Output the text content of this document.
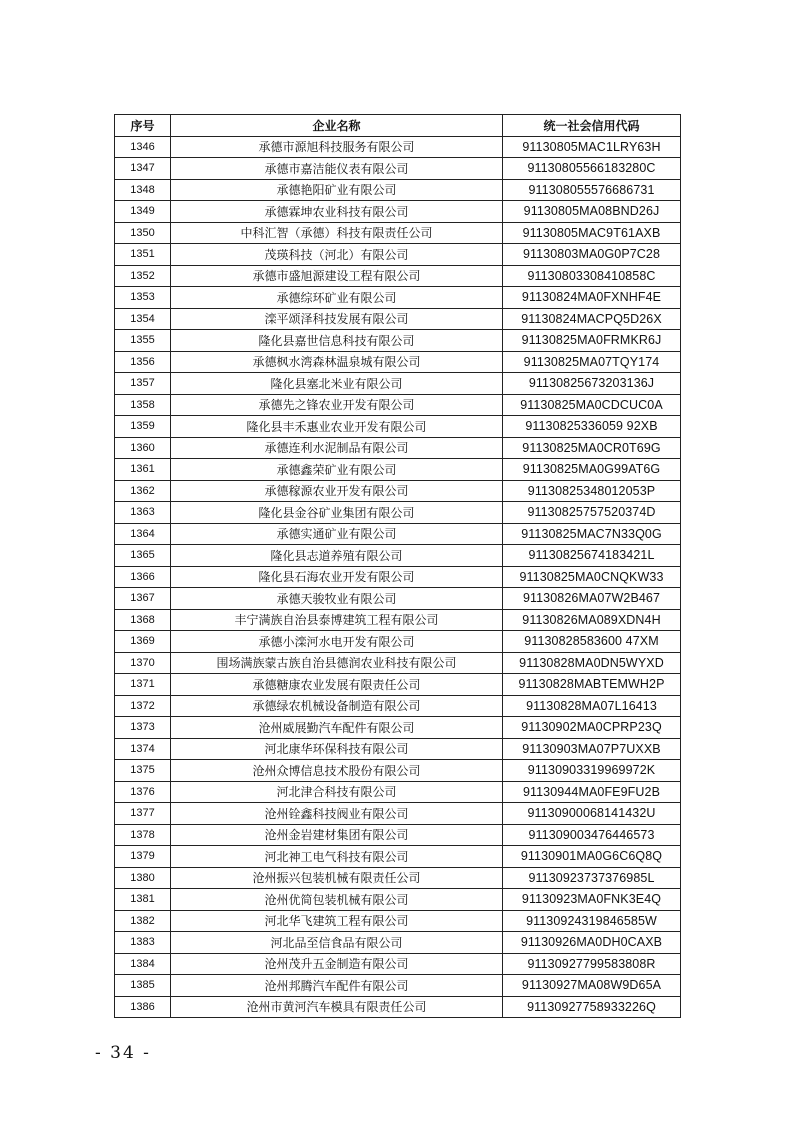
序号	企业名称	统一社会信用代码
1346	承德市源旭科技服务有限公司	91130805MAC1LRY63H
1347	承德市嘉洁能仪表有限公司	91130805566183280C
1348	承德艳阳矿业有限公司	911308055576686731
1349	承德霖坤农业科技有限公司	91130805MA08BND26J
1350	中科汇智（承德）科技有限责任公司	91130805MAC9T61AXB
1351	茂瑛科技（河北）有限公司	91130803MA0G0P7C28
1352	承德市盛旭源建设工程有限公司	91130803308410858C
1353	承德综环矿业有限公司	91130824MA0FXNHF4E
1354	滦平颂泽科技发展有限公司	91130824MACPQ5D26X
1355	隆化县嘉世信息科技有限公司	91130825MA0FRMKR6J
1356	承德枫水湾森林温泉城有限公司	91130825MA07TQY174
1357	隆化县塞北米业有限公司	91130825673203136J
1358	承德先之锋农业开发有限公司	91130825MA0CDCUC0A
1359	隆化县丰禾惠业农业开发有限公司	91130825336059 92XB
1360	承德连利水泥制品有限公司	91130825MA0CR0T69G
1361	承德鑫荣矿业有限公司	91130825MA0G99AT6G
1362	承德稼源农业开发有限公司	91130825348012053P
1363	隆化县金谷矿业集团有限公司	91130825757520374D
1364	承德实通矿业有限公司	91130825MAC7N33Q0G
1365	隆化县志道养殖有限公司	91130825674183421L
1366	隆化县石海农业开发有限公司	91130825MA0CNQKW33
1367	承德天骏牧业有限公司	91130826MA07W2B467
1368	丰宁满族自治县泰博建筑工程有限公司	91130826MA089XDN4H
1369	承德小滦河水电开发有限公司	91130828583600 47XM
1370	围场满族蒙古族自治县德润农业科技有限公司	91130828MA0DN5WYXD
1371	承德糖康农业发展有限责任公司	91130828MABTEMWH2P
1372	承德绿农机械设备制造有限公司	91130828MA07L16413
1373	沧州威展勤汽车配件有限公司	91130902MA0CPRP23Q
1374	河北康华环保科技有限公司	91130903MA07P7UXXB
1375	沧州众博信息技术股份有限公司	91130903319969972K
1376	河北津合科技有限公司	91130944MA0FE9FU2B
1377	沧州铨鑫科技阀业有限公司	91130900068141432U
1378	沧州金岩建材集团有限公司	911309003476446573
1379	河北神工电气科技有限公司	91130901MA0G6C6Q8Q
1380	沧州振兴包装机械有限责任公司	91130923737376985L
1381	沧州优简包装机械有限公司	91130923MA0FNK3E4Q
1382	河北华飞建筑工程有限公司	91130924319846585W
1383	河北品至信食品有限公司	91130926MA0DH0CAXB
1384	沧州茂升五金制造有限公司	91130927799583808R
1385	沧州邦腾汽车配件有限公司	91130927MA08W9D65A
1386	沧州市黄河汽车模具有限责任公司	91130927758933226Q
- 34 -
